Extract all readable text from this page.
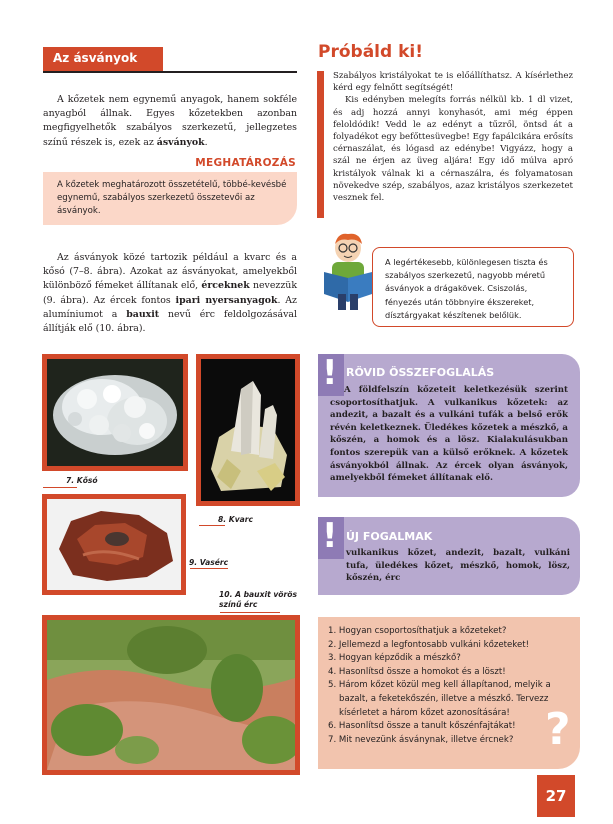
Az ásványok

A kőzetek nem egynemű anyagok, hanem sokféle anyagból állnak. Egyes kőzetekben azonban megfigyelhetők szabályos szerkezetű, jellegzetes színű részek is, ezek az ásványok.

MEGHATÁROZÁS
A kőzetek meghatározott összetételű, többé-kevésbé egynemű, szabályos szerkezetű összetevői az ásványok.

Az ásványok közé tartozik például a kvarc és a kősó (7–8. ábra). Azokat az ásványokat, amelyekből különböző fémeket állítanak elő, érceknek nevezzük (9. ábra). Az ércek fontos ipari nyersanyagok. Az alumíniumot a bauxit nevű érc feldolgozásával állítják elő (10. ábra).

7. Kősó
8. Kvarc
9. Vasérc
10. A bauxit vörös színű érc
Próbáld ki!

Szabályos kristályokat te is előállíthatsz. A kísérlethez kérd egy felnőtt segítségét!

Kis edényben melegíts forrás nélkül kb. 1 dl vizet, és adj hozzá annyi konyhasót, ami még éppen feloldódik! Vedd le az edényt a tűzről, öntsd át a folyadékot egy befőttesüvegbe! Egy fapálcikára erősíts cérnaszálat, és lógasd az edénybe! Vigyázz, hogy a szál ne érjen az üveg aljára! Egy idő múlva apró kristályok válnak ki a cérnaszálra, és folyamatosan növekedve szép, szabályos, azaz kristályos szerkezetet vesznek fel.

A legértékesebb, különlegesen tiszta és szabályos szerkezetű, nagyobb méretű ásványok a drágakövek. Csiszolás, fényezés után többnyire ékszereket, dísztárgyakat készítenek belőlük.
! RÖVID ÖSSZEFOGLALÁS
A földfelszín kőzeteit keletkezésük szerint csoportosíthatjuk. A vulkanikus kőzetek: az andezit, a bazalt és a vulkáni tufák a belső erők révén keletkeznek. Üledékes kőzetek a mészkő, a kőszén, a homok és a lösz. Kialakulásukban fontos szerepük van a külső erőknek. A kőzetek ásványokból állnak. Az ércek olyan ásványok, amelyekből fémeket állítanak elő.
! ÚJ FOGALMAK
vulkanikus kőzet, andezit, bazalt, vulkáni tufa, üledékes kőzet, mészkő, homok, lösz, kőszén, érc
1. Hogyan csoportosíthatjuk a kőzeteket?
2. Jellemezd a legfontosabb vulkáni kőzeteket!
3. Hogyan képződik a mészkő?
4. Hasonlítsd össze a homokot és a löszt!
5. Három kőzet közül meg kell állapítanod, melyik a bazalt, a feketekőszén, illetve a mészkő. Tervezz kísérletet a három kőzet azonosítására!
6. Hasonlítsd össze a tanult kőszénfajtákat!
7. Mit nevezünk ásványnak, illetve ércnek? ?
27
